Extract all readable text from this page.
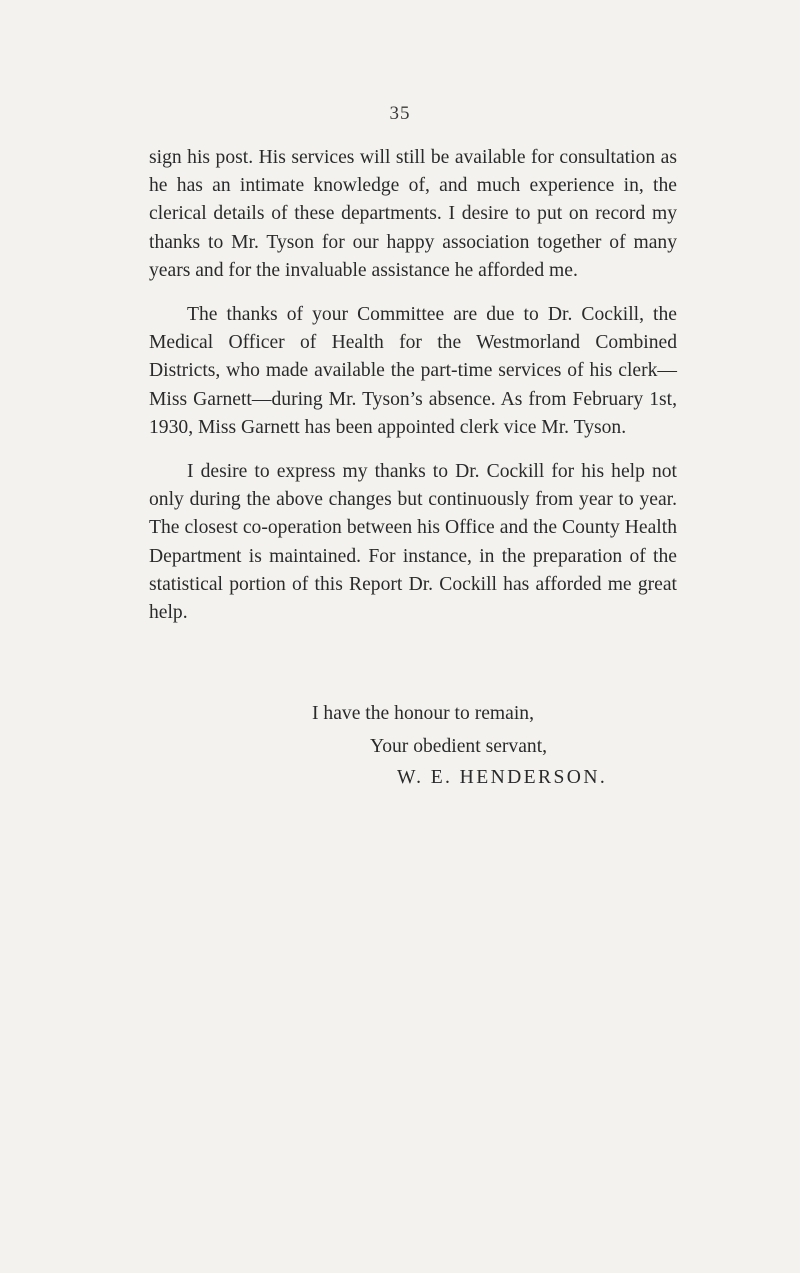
35

sign his post. His services will still be available for consultation as he has an intimate knowledge of, and much experience in, the clerical details of these departments. I desire to put on record my thanks to Mr. Tyson for our happy association together of many years and for the invaluable assistance he afforded me.

The thanks of your Committee are due to Dr. Cockill, the Medical Officer of Health for the Westmorland Combined Districts, who made available the part-time services of his clerk—Miss Garnett—during Mr. Tyson’s absence. As from February 1st, 1930, Miss Garnett has been appointed clerk vice Mr. Tyson.

I desire to express my thanks to Dr. Cockill for his help not only during the above changes but continuously from year to year. The closest co-operation between his Office and the County Health Department is maintained. For instance, in the preparation of the statistical portion of this Report Dr. Cockill has afforded me great help.

I have the honour to remain,
Your obedient servant,
W. E. HENDERSON.
